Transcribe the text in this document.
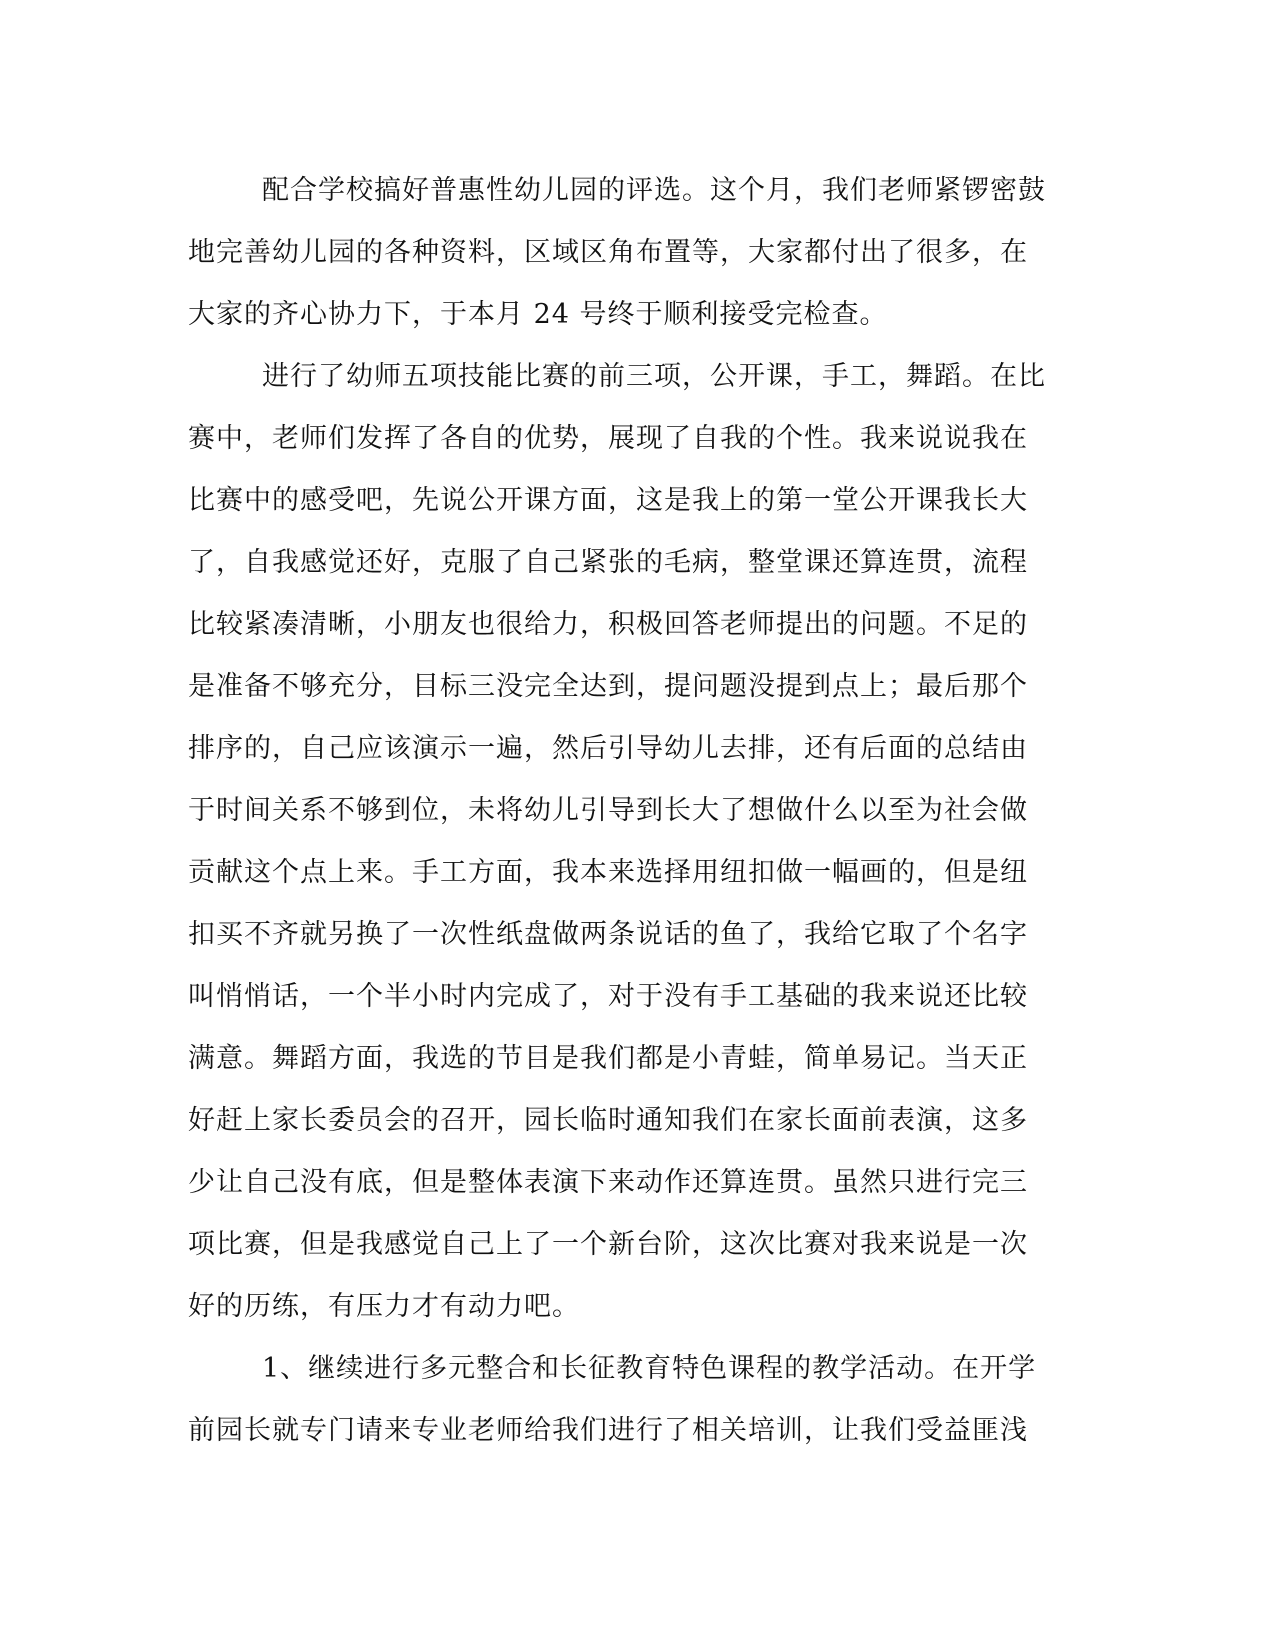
配合学校搞好普惠性幼儿园的评选。这个月，我们老师紧锣密鼓
地完善幼儿园的各种资料，区域区角布置等，大家都付出了很多，在
大家的齐心协力下，于本月 24 号终于顺利接受完检查。
进行了幼师五项技能比赛的前三项，公开课，手工，舞蹈。在比
赛中，老师们发挥了各自的优势，展现了自我的个性。我来说说我在
比赛中的感受吧，先说公开课方面，这是我上的第一堂公开课我长大
了，自我感觉还好，克服了自己紧张的毛病，整堂课还算连贯，流程
比较紧凑清晰，小朋友也很给力，积极回答老师提出的问题。不足的
是准备不够充分，目标三没完全达到，提问题没提到点上；最后那个
排序的，自己应该演示一遍，然后引导幼儿去排，还有后面的总结由
于时间关系不够到位，未将幼儿引导到长大了想做什么以至为社会做
贡献这个点上来。手工方面，我本来选择用纽扣做一幅画的，但是纽
扣买不齐就另换了一次性纸盘做两条说话的鱼了，我给它取了个名字
叫悄悄话，一个半小时内完成了，对于没有手工基础的我来说还比较
满意。舞蹈方面，我选的节目是我们都是小青蛙，简单易记。当天正
好赶上家长委员会的召开，园长临时通知我们在家长面前表演，这多
少让自己没有底，但是整体表演下来动作还算连贯。虽然只进行完三
项比赛，但是我感觉自己上了一个新台阶，这次比赛对我来说是一次
好的历练，有压力才有动力吧。
1、继续进行多元整合和长征教育特色课程的教学活动。在开学
前园长就专门请来专业老师给我们进行了相关培训，让我们受益匪浅
